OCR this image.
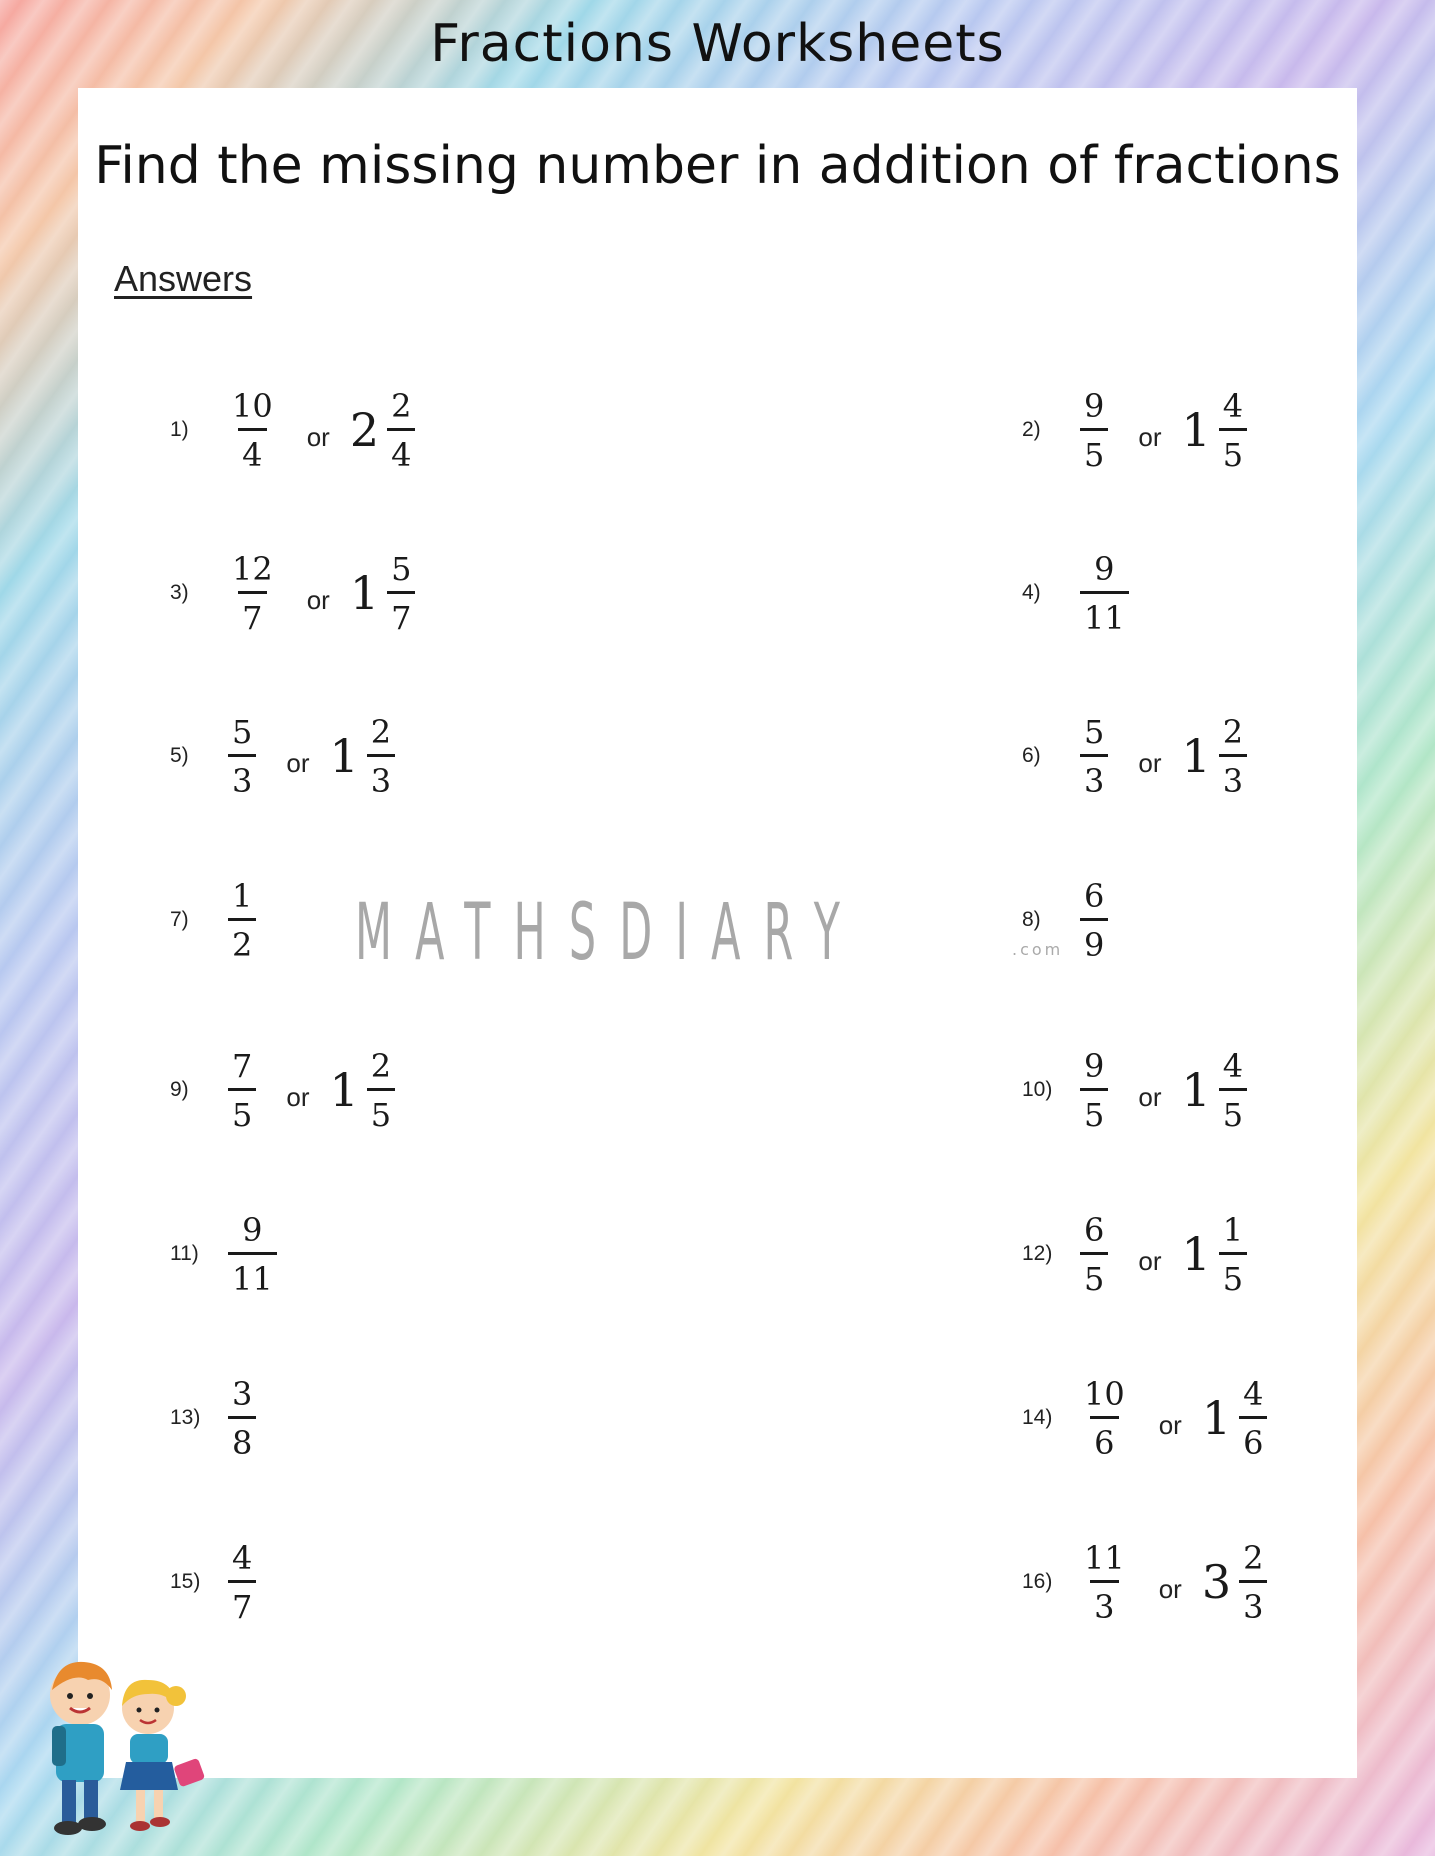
Fractions Worksheets
Find the missing number in addition of fractions
Answers
MATHSDIARY	.com
1)	$\frac{10}{4}$ or $2 \frac{2}{4}$
3)	$\frac{12}{7}$ or $1 \frac{5}{7}$
5)	$\frac{5}{3}$ or $1 \frac{2}{3}$
7)	$\frac{1}{2}$
9)	$\frac{7}{5}$ or $1 \frac{2}{5}$
$11) \frac{9}{11}$
$13) \frac{3}{8}$
$15) \frac{4}{7}$
2)	$\frac{9}{5}$ or $1 \frac{4}{5}$
4)	$\frac{9}{11}$
6)	$\frac{5}{3}$ or $1 \frac{2}{3}$
8)	$\frac{6}{9}$
$10) \frac{9}{5}$ or $1 \frac{4}{5}$
$12) \frac{6}{5}$ or $1 \frac{1}{5}$
$14) \frac{10}{6}$ or $1 \frac{4}{6}$
$16) \frac{11}{3}$ or $3 \frac{2}{3}$
